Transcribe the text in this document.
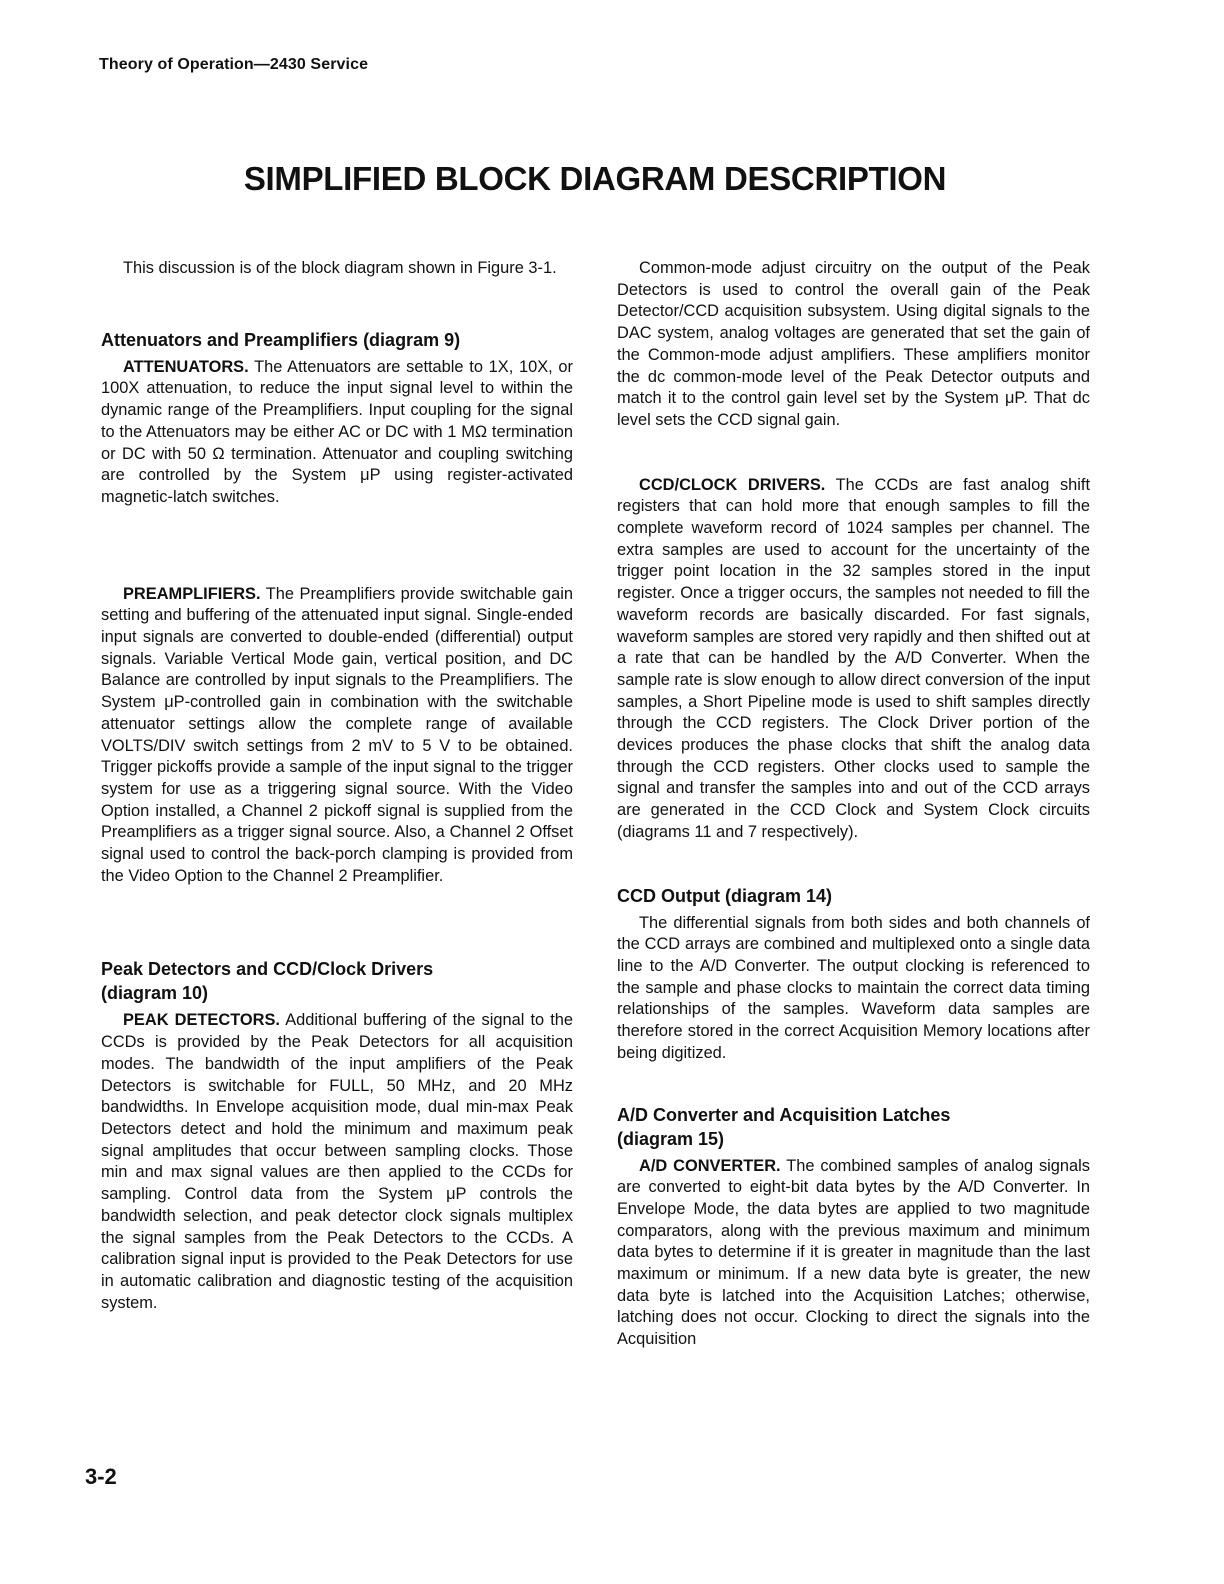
Theory of Operation—2430 Service
SIMPLIFIED BLOCK DIAGRAM DESCRIPTION

This discussion is of the block diagram shown in Figure 3-1.

Attenuators and Preamplifiers (diagram 9)

ATTENUATORS. The Attenuators are settable to 1X, 10X, or 100X attenuation, to reduce the input signal level to within the dynamic range of the Preamplifiers. Input coupling for the signal to the Attenuators may be either AC or DC with 1 MΩ termination or DC with 50 Ω termination. Attenuator and coupling switching are controlled by the System μP using register-activated magnetic-latch switches.

PREAMPLIFIERS. The Preamplifiers provide switchable gain setting and buffering of the attenuated input signal. Single-ended input signals are converted to double-ended (differential) output signals. Variable Vertical Mode gain, vertical position, and DC Balance are controlled by input signals to the Preamplifiers. The System μP-controlled gain in combination with the switchable attenuator settings allow the complete range of available VOLTS/DIV switch settings from 2 mV to 5 V to be obtained. Trigger pickoffs provide a sample of the input signal to the trigger system for use as a triggering signal source. With the Video Option installed, a Channel 2 pickoff signal is supplied from the Preamplifiers as a trigger signal source. Also, a Channel 2 Offset signal used to control the back-porch clamping is provided from the Video Option to the Channel 2 Preamplifier.

Peak Detectors and CCD/Clock Drivers
(diagram 10)

PEAK DETECTORS. Additional buffering of the signal to the CCDs is provided by the Peak Detectors for all acquisition modes. The bandwidth of the input amplifiers of the Peak Detectors is switchable for FULL, 50 MHz, and 20 MHz bandwidths. In Envelope acquisition mode, dual min-max Peak Detectors detect and hold the minimum and maximum peak signal amplitudes that occur between sampling clocks. Those min and max signal values are then applied to the CCDs for sampling. Control data from the System μP controls the bandwidth selection, and peak detector clock signals multiplex the signal samples from the Peak Detectors to the CCDs. A calibration signal input is provided to the Peak Detectors for use in automatic calibration and diagnostic testing of the acquisition system.

Common-mode adjust circuitry on the output of the Peak Detectors is used to control the overall gain of the Peak Detector/CCD acquisition subsystem. Using digital signals to the DAC system, analog voltages are generated that set the gain of the Common-mode adjust amplifiers. These amplifiers monitor the dc common-mode level of the Peak Detector outputs and match it to the control gain level set by the System μP. That dc level sets the CCD signal gain.

CCD/CLOCK DRIVERS. The CCDs are fast analog shift registers that can hold more that enough samples to fill the complete waveform record of 1024 samples per channel. The extra samples are used to account for the uncertainty of the trigger point location in the 32 samples stored in the input register. Once a trigger occurs, the samples not needed to fill the waveform records are basically discarded. For fast signals, waveform samples are stored very rapidly and then shifted out at a rate that can be handled by the A/D Converter. When the sample rate is slow enough to allow direct conversion of the input samples, a Short Pipeline mode is used to shift samples directly through the CCD registers. The Clock Driver portion of the devices produces the phase clocks that shift the analog data through the CCD registers. Other clocks used to sample the signal and transfer the samples into and out of the CCD arrays are generated in the CCD Clock and System Clock circuits (diagrams 11 and 7 respectively).

CCD Output (diagram 14)

The differential signals from both sides and both channels of the CCD arrays are combined and multiplexed onto a single data line to the A/D Converter. The output clocking is referenced to the sample and phase clocks to maintain the correct data timing relationships of the samples. Waveform data samples are therefore stored in the correct Acquisition Memory locations after being digitized.

A/D Converter and Acquisition Latches
(diagram 15)

A/D CONVERTER. The combined samples of analog signals are converted to eight-bit data bytes by the A/D Converter. In Envelope Mode, the data bytes are applied to two magnitude comparators, along with the previous maximum and minimum data bytes to determine if it is greater in magnitude than the last maximum or minimum. If a new data byte is greater, the new data byte is latched into the Acquisition Latches; otherwise, latching does not occur. Clocking to direct the signals into the Acquisition

3-2
